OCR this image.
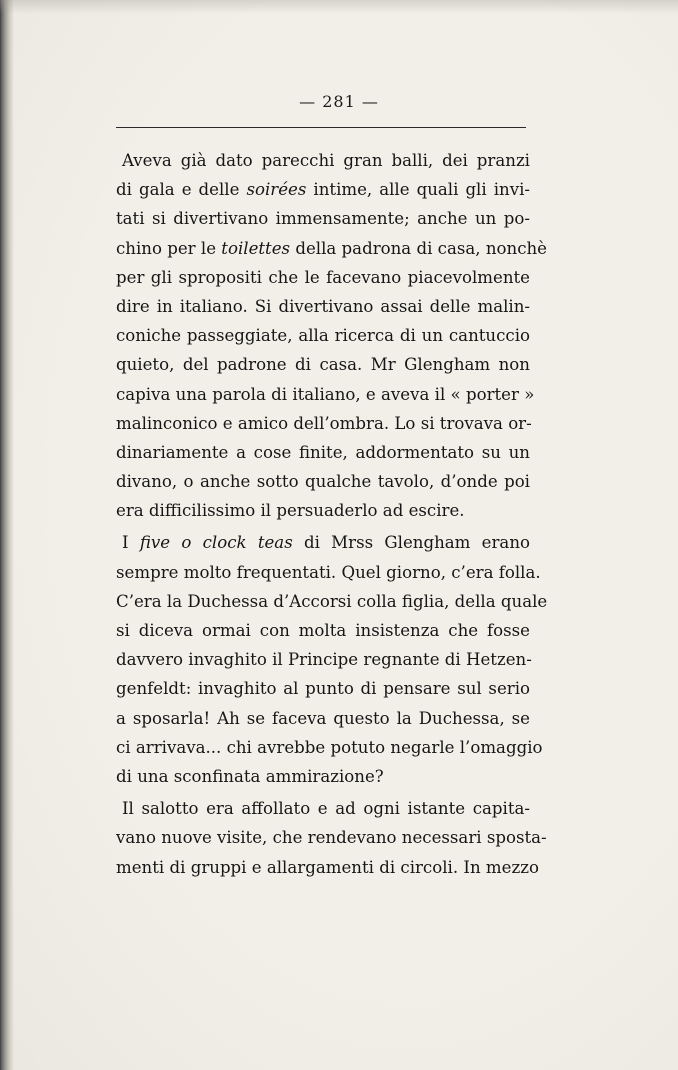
— 281 —
Aveva già dato parecchi gran balli, dei pranzi
di gala e delle soirées intime, alle quali gli invi-
tati si divertivano immensamente; anche un po-
chino per le toilettes della padrona di casa, nonchè
per gli spropositi che le facevano piacevolmente
dire in italiano. Si divertivano assai delle malin-
coniche passeggiate, alla ricerca di un cantuccio
quieto, del padrone di casa. Mr Glengham non
capiva una parola di italiano, e aveva il « porter »
malinconico e amico dell’ombra. Lo si trovava or-
dinariamente a cose finite, addormentato su un
divano, o anche sotto qualche tavolo, d’onde poi
era difficilissimo il persuaderlo ad escire.
I five o clock teas di Mrss Glengham erano
sempre molto frequentati. Quel giorno, c’era folla.
C’era la Duchessa d’Accorsi colla figlia, della quale
si diceva ormai con molta insistenza che fosse
davvero invaghito il Principe regnante di Hetzen-
genfeldt: invaghito al punto di pensare sul serio
a sposarla! Ah se faceva questo la Duchessa, se
ci arrivava... chi avrebbe potuto negarle l’omaggio
di una sconfinata ammirazione?
Il salotto era affollato e ad ogni istante capita-
vano nuove visite, che rendevano necessari sposta-
menti di gruppi e allargamenti di circoli. In mezzo
